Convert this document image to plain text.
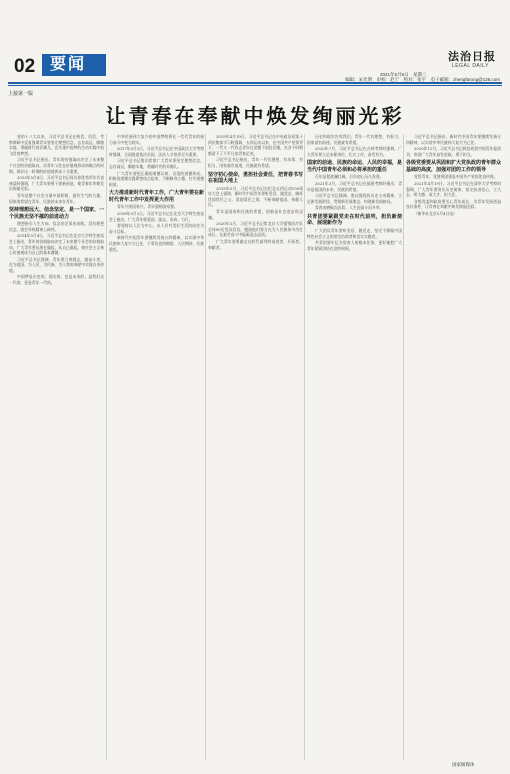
02 要闻	法治日报
LEGAL DAILY
2021年5月5日　星期三
编辑：宋光明　审校：赵宁　校对：张宇　电子邮箱：zhengfarong@126.com
上接第一版
让青春在奉献中焕发绚丽光彩

党的十八大以来，习近平总书记在致信、回信、考察调研中反复强调青年要坚定理想信念，志存高远，脚踏实地，勇做时代的弄潮儿，在实现中国梦的生动实践中放飞青春梦想。

习近平总书记指出，青年的价值取向决定了未来整个社会的价值取向，而青年又处在价值观形成和确立的时期，抓好这一时期的价值观养成十分重要。

2013年5月4日，习近平总书记同各界优秀青年代表座谈时强调，广大青年要勇于创新创造，使青春年华焕发出绚丽光彩。

青年是整个社会力量中最积极、最有生气的力量，国家的希望在青年，民族的未来在青年。

坚持理想远大、信念坚定、是一个国家、一个民族无坚不摧的前进动力

理想指引人生方向，信念决定事业成败。没有理想信念，就会导致精神上缺钙。

2014年5月4日，习近平总书记在北京大学师生座谈会上指出，青年的价值取向决定了未来整个社会的价值取向，广大青年要从现在做起，从自己做起，使社会主义核心价值观成为自己的基本遵循。

习近平总书记强调，青年要立鸿鹄志，做奋斗者，在为祖国、为人民、为民族、为人类的奉献中实现自身价值。

中国梦是历史的、现实的，也是未来的；是我们这一代的，更是青年一代的。

中华民族伟大复兴的中国梦终将在一代代青年的接力奋斗中变为现实。

2017年5月3日，习近平总书记在中国政法大学考察时强调，全面推进依法治国，法治人才培养至关重要。

习近平总书记殷切希望广大青年要坚定理想信念，志存高远，脚踏实地，勇做时代的弄潮儿。

广大青年要把正确的道德认知、自觉的道德养成、积极的道德实践紧密结合起来，不断修身立德，打牢道德根基。

大力推进新时代青年工作，广大青年要在新时代青年工作中发挥更大作用

青年兴则国家兴，青年强则国家强。

2018年5月2日，习近平总书记在北京大学师生座谈会上指出，广大青年要爱国、励志、求真、力行。

要坚持以人民为中心，以人民对美好生活的向往为奋斗目标。

新时代中国青年要继续发扬五四精神，以实现中华民族伟大复兴为己任，不辜负党的期望、人民期待、民族重托。

2019年4月19日，习近平总书记在中央政治局第十四次集体学习时强调，五四运动以来，在中国共产党领导下，一代又一代有志青年在党旗下前赴后继，在各个时期都留下了不平凡的青春足迹。

习近平总书记指出，青年一代有理想、有本领、有担当，国家就有前途，民族就有希望。

坚守初心使命，勇担社会责任，把青春书写在祖国大地上

2019年5月，习近平总书记在纪念五四运动100周年大会上强调，新时代中国青年要听党话、跟党走，胸怀忧国忧民之心、爱国爱民之情，不断奉献祖国、奉献人民。

青年是国家和民族的希望，创新是社会进步的灵魂。

2020年5月，习近平总书记给北京大学援鄂医疗队全体90后党员回信，勉励他们努力在为人民服务中茁壮成长、在艰苦奋斗中砥砺意志品质。

广大青年要勇做走在时代前列的奋进者、开拓者、奉献者。

历史和现实告诉我们，青年一代有理想、有担当，国家就有前途，民族就有希望。

2020年7月，习近平总书记在吉林考察时强调，广大青年要立足本职岗位，扎实工作，奋发有为。

国家的前途、民族的命运、人民的幸福，是当代中国青年必须和必将承担的重任

百年征程波澜壮阔，百年初心历久弥坚。

2021年3月，习近平总书记在福建考察时指出，青年是祖国的未来、民族的希望。

习近平总书记强调，要以强烈的历史主动精神，立足新发展阶段、贯彻新发展理念、构建新发展格局。

青春由磨砺而出彩，人生因奋斗而升华。

共青团要紧跟党走在时代前列，担负新使命、展现新作为

广大团员青年要听党话、跟党走，坚定不移做中国特色社会主义的坚定信仰者和忠实实践者。

共青团要牢记为党育人的根本任务，更好地把广大青年紧紧团结在党的周围。

习近平总书记指出，新时代中国青年要继续发扬五四精神，以实现中华民族伟大复兴为己任。

2020年11月，习近平总书记致信祝贺中国青年报创刊，寄语广大青年奋发进取、勇于担当。

各级党委要从巩固和扩大党执政的青年群众基础的高度，加强对团的工作的领导

党管青年、党建带团建是中国共产党的优良传统。

2021年4月19日，习近平总书记在清华大学考察时强调，广大青年要肩负历史使命，坚定前进信心，立大志、明大德、成大才、担大任。

各级党委和政府要关心青年成长，为青年发展创造良好条件，让青春在奉献中焕发绚丽光彩。

（新华社北京5月4日电）

国家级媒体
